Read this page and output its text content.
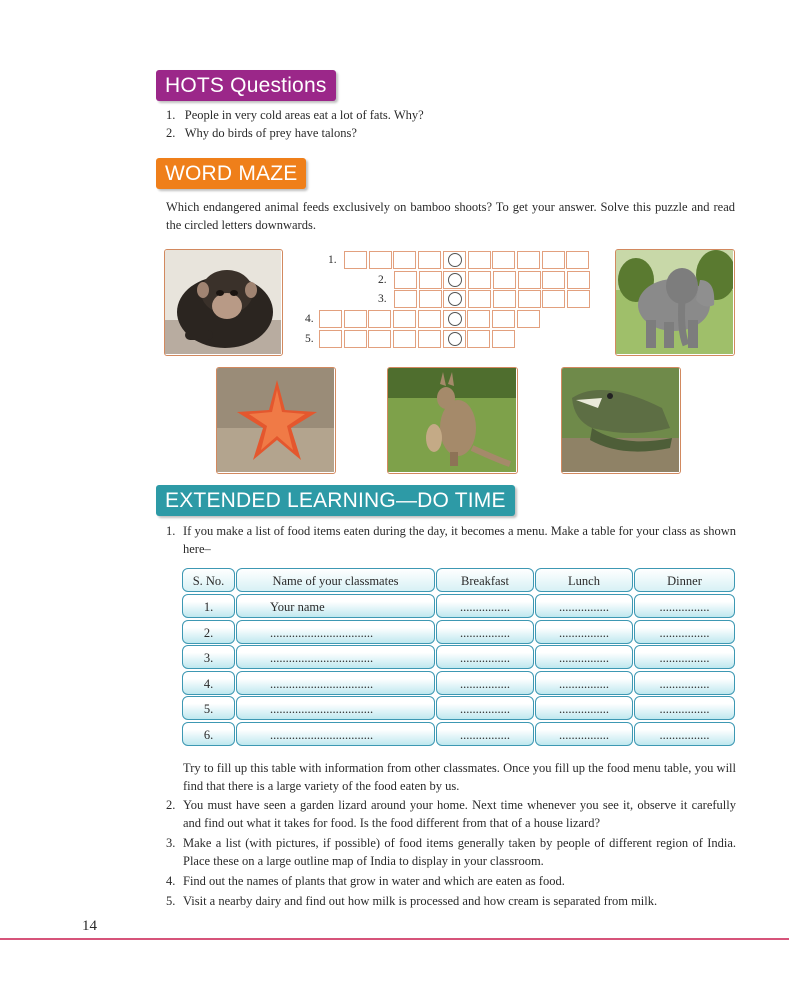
HOTS Questions
1. People in very cold areas eat a lot of fats. Why?
2. Why do birds of prey have talons?
WORD MAZE
Which endangered animal feeds exclusively on bamboo shoots? To get your answer. Solve this puzzle and read the circled letters downwards.
1.
2.
3.
4.
5.
EXTENDED LEARNING—DO TIME
1. If you make a list of food items eaten during the day, it becomes a menu. Make a table for your class as shown here–
S. No.	Name of your classmates	Breakfast	Lunch	Dinner
1.	Your name	................	................	................
2.	.................................	................	................	................
3.	.................................	................	................	................
4.	.................................	................	................	................
5.	.................................	................	................	................
6.	.................................	................	................	................
Try to fill up this table with information from other classmates. Once you fill up the food menu table, you will find that there is a large variety of the food eaten by us.
2. You must have seen a garden lizard around your home. Next time whenever you see it, observe it carefully and find out what it takes for food. Is the food different from that of a house lizard?
3. Make a list (with pictures, if possible) of food items generally taken by people of different region of India. Place these on a large outline map of India to display in your classroom.
4. Find out the names of plants that grow in water and which are eaten as food.
5. Visit a nearby dairy and find out how milk is processed and how cream is separated from milk.
14
